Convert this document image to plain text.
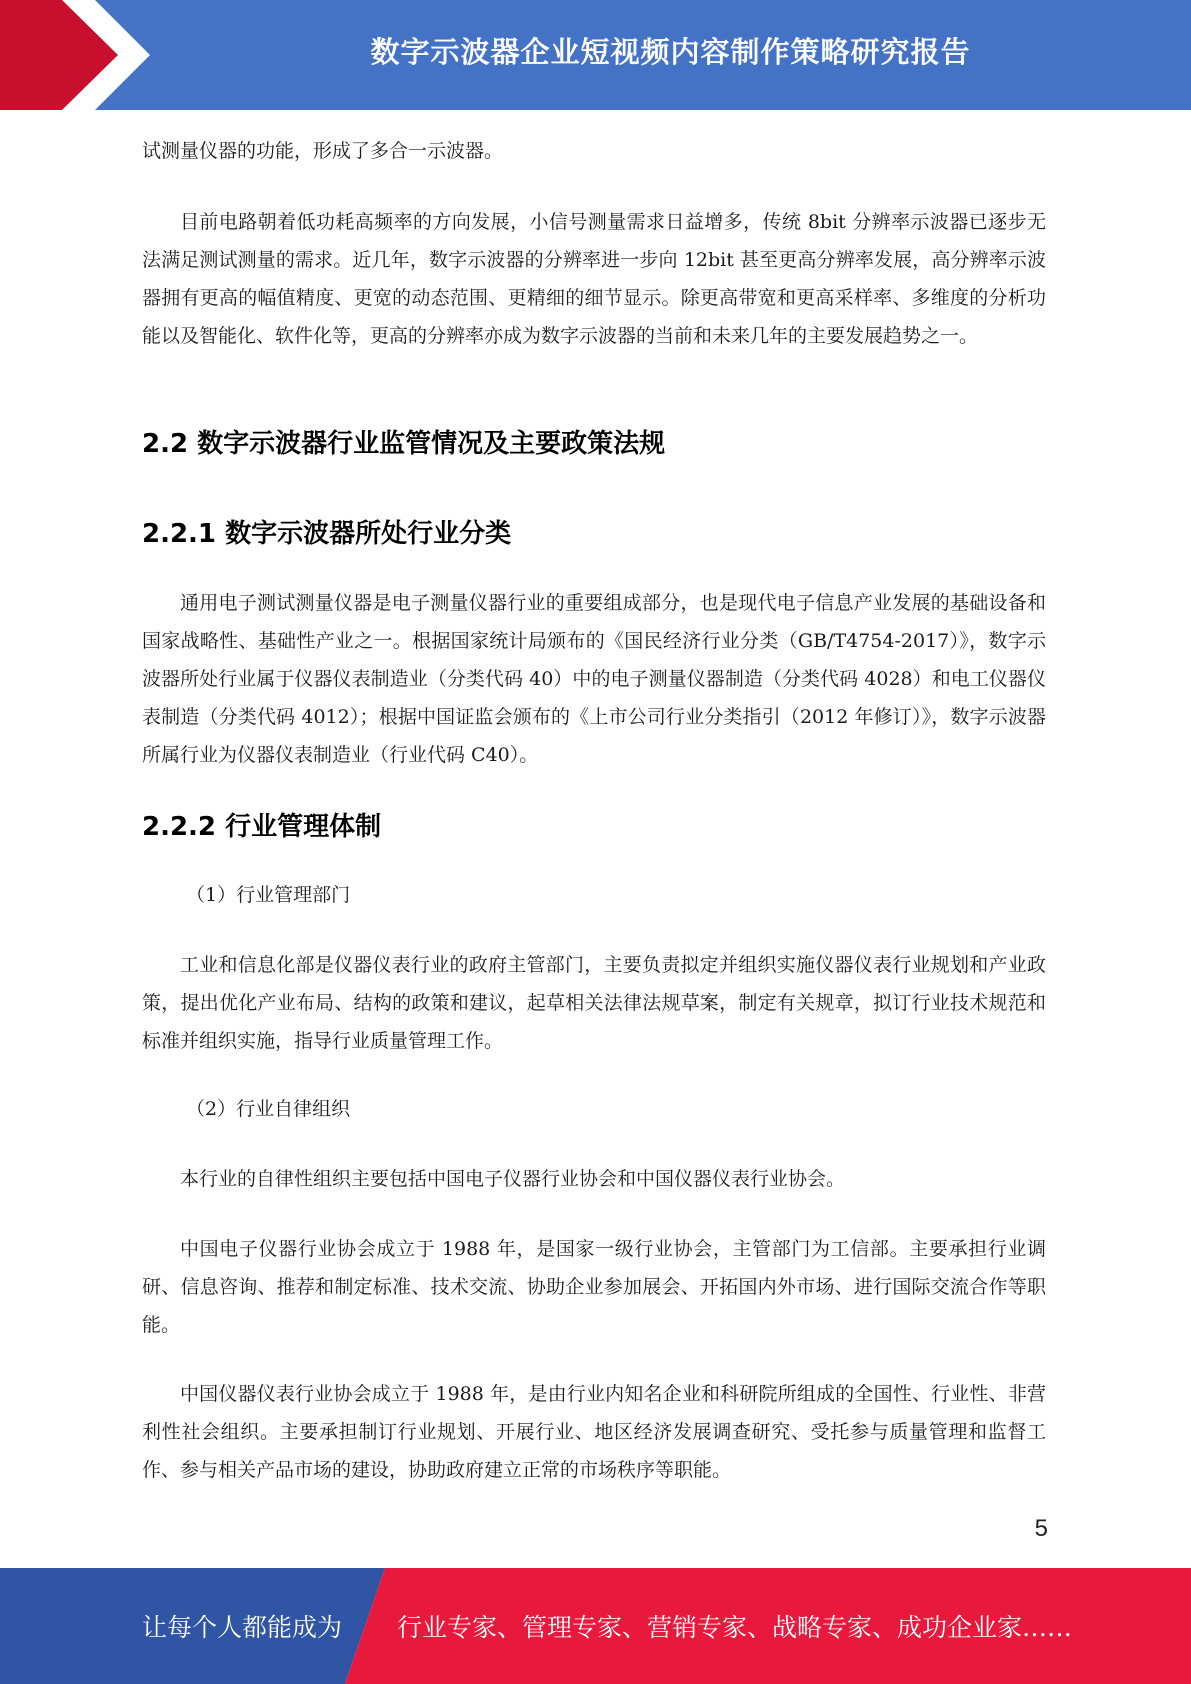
数字示波器企业短视频内容制作策略研究报告

试测量仪器的功能，形成了多合一示波器。

目前电路朝着低功耗高频率的方向发展，小信号测量需求日益增多，传统 8bit 分辨率示波器已逐步无法满足测试测量的需求。近几年，数字示波器的分辨率进一步向 12bit 甚至更高分辨率发展，高分辨率示波器拥有更高的幅值精度、更宽的动态范围、更精细的细节显示。除更高带宽和更高采样率、多维度的分析功能以及智能化、软件化等，更高的分辨率亦成为数字示波器的当前和未来几年的主要发展趋势之一。

2.2 数字示波器行业监管情况及主要政策法规
2.2.1 数字示波器所处行业分类

通用电子测试测量仪器是电子测量仪器行业的重要组成部分，也是现代电子信息产业发展的基础设备和国家战略性、基础性产业之一。根据国家统计局颁布的《国民经济行业分类（GB/T4754-2017）》，数字示波器所处行业属于仪器仪表制造业（分类代码 40）中的电子测量仪器制造（分类代码 4028）和电工仪器仪表制造（分类代码 4012）；根据中国证监会颁布的《上市公司行业分类指引（2012 年修订）》，数字示波器所属行业为仪器仪表制造业（行业代码 C40）。

2.2.2 行业管理体制

（1）行业管理部门

工业和信息化部是仪器仪表行业的政府主管部门，主要负责拟定并组织实施仪器仪表行业规划和产业政策，提出优化产业布局、结构的政策和建议，起草相关法律法规草案，制定有关规章，拟订行业技术规范和标准并组织实施，指导行业质量管理工作。

（2）行业自律组织

本行业的自律性组织主要包括中国电子仪器行业协会和中国仪器仪表行业协会。

中国电子仪器行业协会成立于 1988 年，是国家一级行业协会，主管部门为工信部。主要承担行业调研、信息咨询、推荐和制定标准、技术交流、协助企业参加展会、开拓国内外市场、进行国际交流合作等职能。

中国仪器仪表行业协会成立于 1988 年，是由行业内知名企业和科研院所组成的全国性、行业性、非营利性社会组织。主要承担制订行业规划、开展行业、地区经济发展调查研究、受托参与质量管理和监督工作、参与相关产品市场的建设，协助政府建立正常的市场秩序等职能。

5
让每个人都能成为 行业专家、管理专家、营销专家、战略专家、成功企业家……
